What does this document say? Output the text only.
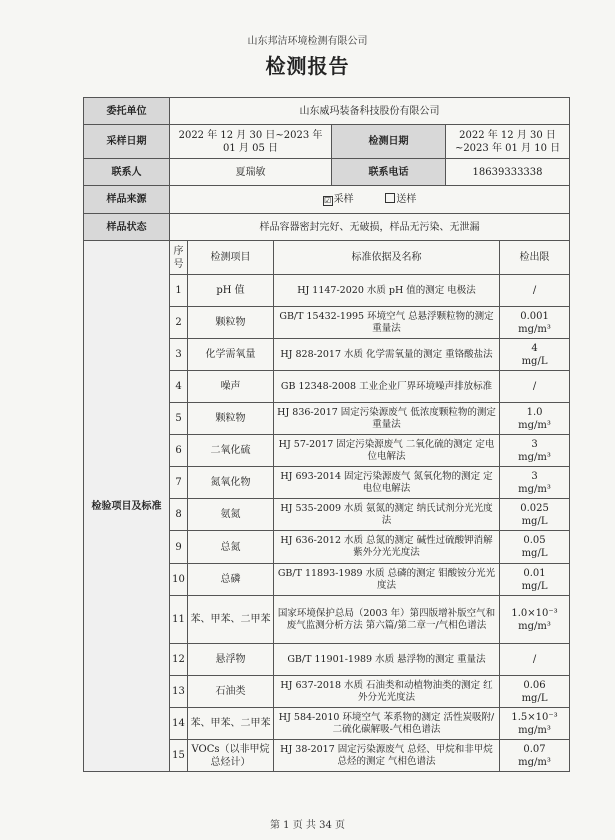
山东邦洁环境检测有限公司
检测报告
委托单位	山东威玛装备科技股份有限公司					
采样日期	2022 年 12 月 30 日~2023 年 01 月 05 日			检测日期	2022 年 12 月 30 日~2023 年 01 月 10 日	
联系人	夏瑞敏			联系电话	18639333338	
样品来源	☑ 采样 送样					
样品状态	样品容器密封完好、无破损，样品无污染、无泄漏					
检验项目及标准	序号	检测项目	标准依据及名称			检出限
	1	pH 值	HJ 1147-2020 水质 pH 值的测定 电极法			/

	2	颗粒物	GB/T 15432-1995 环境空气 总悬浮颗粒物的测定 重量法			0.001
mg/m³

	3	化学需氧量	HJ 828-2017 水质 化学需氧量的测定 重铬酸盐法			4
mg/L

	4	噪声	GB 12348-2008 工业企业厂界环境噪声排放标准			/

	5	颗粒物	HJ 836-2017 固定污染源废气 低浓度颗粒物的测定 重量法			1.0
mg/m³

	6	二氧化硫	HJ 57-2017 固定污染源废气 二氧化硫的测定 定电位电解法			3
mg/m³

	7	氮氧化物	HJ 693-2014 固定污染源废气 氮氧化物的测定 定电位电解法			3
mg/m³

	8	氨氮	HJ 535-2009 水质 氨氮的测定 纳氏试剂分光光度法			0.025
mg/L

	9	总氮	HJ 636-2012 水质 总氮的测定 碱性过硫酸钾消解紫外分光光度法			0.05
mg/L

	10	总磷	GB/T 11893-1989 水质 总磷的测定 钼酸铵分光光度法			0.01
mg/L

	11	苯、甲苯、二甲苯	国家环境保护总局（2003 年）第四版增补版空气和废气监测分析方法 第六篇/第二章一/气相色谱法			1.0×10⁻³
mg/m³

	12	悬浮物	GB/T 11901-1989 水质 悬浮物的测定 重量法			/

	13	石油类	HJ 637-2018 水质 石油类和动植物油类的测定 红外分光光度法			0.06
mg/L

	14	苯、甲苯、二甲苯	HJ 584-2010 环境空气 苯系物的测定 活性炭吸附/二硫化碳解吸-气相色谱法			1.5×10⁻³
mg/m³

	15	VOCs（以非甲烷总烃计）	HJ 38-2017 固定污染源废气 总烃、甲烷和非甲烷总烃的测定 气相色谱法			0.07
mg/m³
第 1 页 共 34 页
